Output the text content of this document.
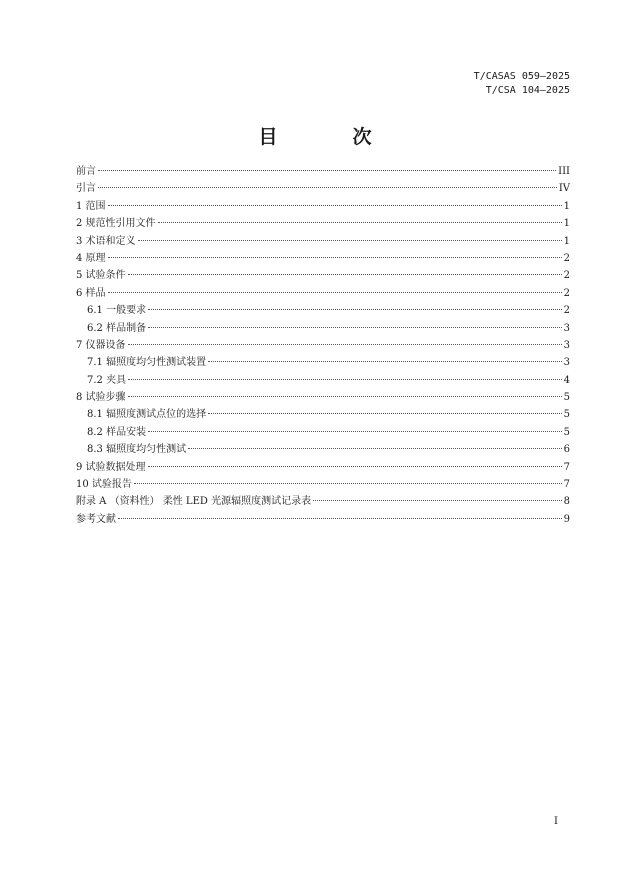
T/CASAS 059—2025
T/CSA 104—2025
目　次
前言	III
引言	IV
1 范围	1
2 规范性引用文件	1
3 术语和定义	1
4 原理	2
5 试验条件	2
6 样品	2
6.1 一般要求	2
6.2 样品制备	3
7 仪器设备	3
7.1 辐照度均匀性测试装置	3
7.2 夹具	4
8 试验步骤	5
8.1 辐照度测试点位的选择	5
8.2 样品安装	5
8.3 辐照度均匀性测试	6
9 试验数据处理	7
10 试验报告	7
附录 A （资料性） 柔性 LED 光源辐照度测试记录表	8
参考文献	9
I
